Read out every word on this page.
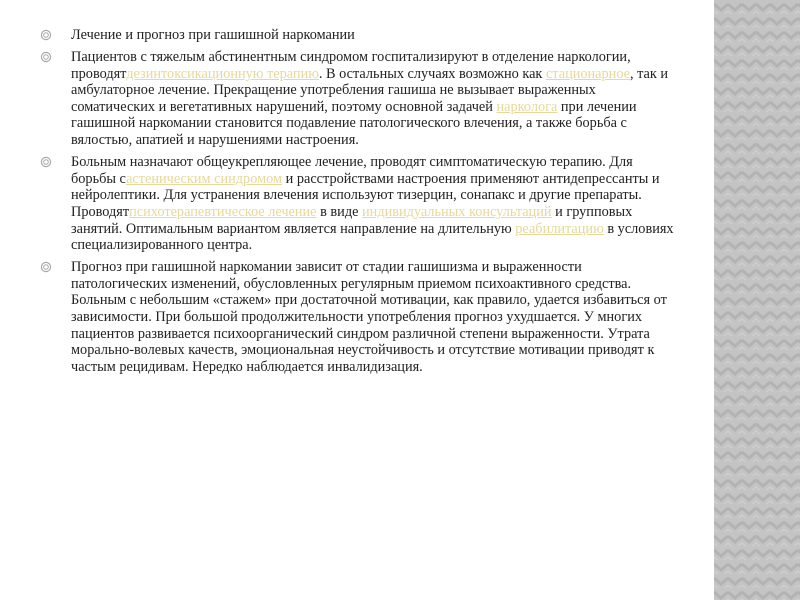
Лечение и прогноз при гашишной наркомании
Пациентов с тяжелым абстинентным синдромом госпитализируют в отделение наркологии, проводятдезинтоксикационную терапию. В остальных случаях возможно как стационарное, так и амбулаторное лечение. Прекращение употребления гашиша не вызывает выраженных соматических и вегетативных нарушений, поэтому основной задачей нарколога при лечении гашишной наркомании становится подавление патологического влечения, а также борьба с вялостью, апатией и нарушениями настроения.
Больным назначают общеукрепляющее лечение, проводят симптоматическую терапию. Для борьбы састеническим синдромом и расстройствами настроения применяют антидепрессанты и нейролептики. Для устранения влечения используют тизерцин, сонапакс и другие препараты. Проводятпсихотерапевтическое лечение в виде индивидуальных консультаций и групповых занятий. Оптимальным вариантом является направление на длительную реабилитацию в условиях специализированного центра.
Прогноз при гашишной наркомании зависит от стадии гашишизма и выраженности патологических изменений, обусловленных регулярным приемом психоактивного средства. Больным с небольшим «стажем» при достаточной мотивации, как правило, удается избавиться от зависимости. При большой продолжительности употребления прогноз ухудшается. У многих пациентов развивается психоорганический синдром различной степени выраженности. Утрата морально-волевых качеств, эмоциональная неустойчивость и отсутствие мотивации приводят к частым рецидивам. Нередко наблюдается инвалидизация.
